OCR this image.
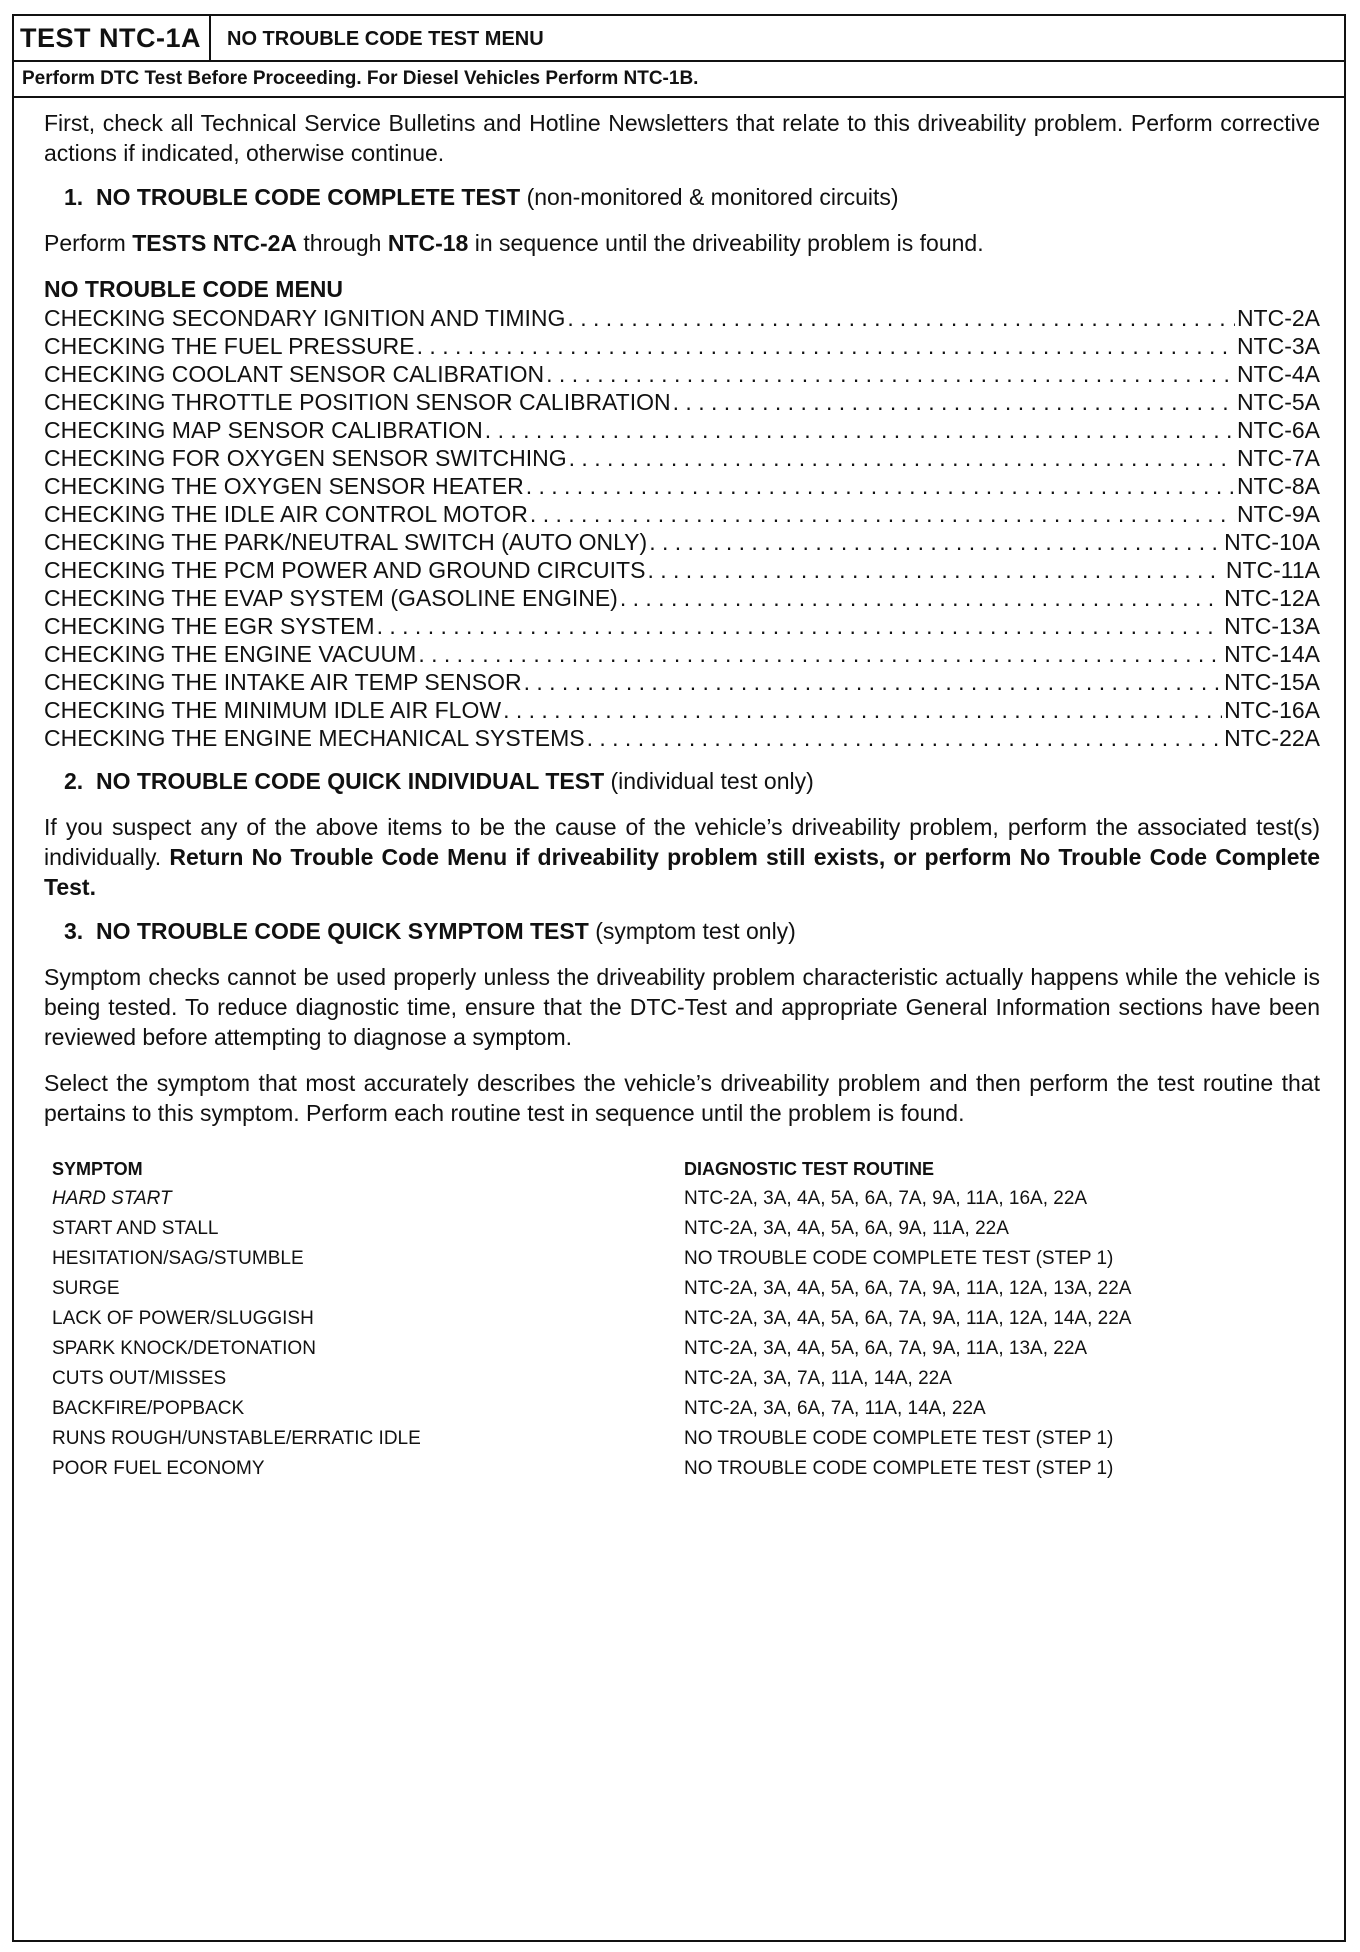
TEST NTC-1A	NO TROUBLE CODE TEST MENU
Perform DTC Test Before Proceeding. For Diesel Vehicles Perform NTC-1B.

First, check all Technical Service Bulletins and Hotline Newsletters that relate to this driveability problem. Perform corrective actions if indicated, otherwise continue.

1. NO TROUBLE CODE COMPLETE TEST (non-monitored & monitored circuits)

Perform TESTS NTC-2A through NTC-18 in sequence until the driveability problem is found.

NO TROUBLE CODE MENU
CHECKING SECONDARY IGNITION AND TIMING . . .	NTC-2A
CHECKING THE FUEL PRESSURE . . .	NTC-3A
CHECKING COOLANT SENSOR CALIBRATION . . .	NTC-4A
CHECKING THROTTLE POSITION SENSOR CALIBRATION . . .	NTC-5A
CHECKING MAP SENSOR CALIBRATION . . .	NTC-6A
CHECKING FOR OXYGEN SENSOR SWITCHING . . .	NTC-7A
CHECKING THE OXYGEN SENSOR HEATER . . .	NTC-8A
CHECKING THE IDLE AIR CONTROL MOTOR . . .	NTC-9A
CHECKING THE PARK/NEUTRAL SWITCH (AUTO ONLY) . . .	NTC-10A
CHECKING THE PCM POWER AND GROUND CIRCUITS . . .	NTC-11A
CHECKING THE EVAP SYSTEM (GASOLINE ENGINE) . . .	NTC-12A
CHECKING THE EGR SYSTEM . . .	NTC-13A
CHECKING THE ENGINE VACUUM . . .	NTC-14A
CHECKING THE INTAKE AIR TEMP SENSOR . . .	NTC-15A
CHECKING THE MINIMUM IDLE AIR FLOW . . .	NTC-16A
CHECKING THE ENGINE MECHANICAL SYSTEMS . . .	NTC-22A
2. NO TROUBLE CODE QUICK INDIVIDUAL TEST (individual test only)

If you suspect any of the above items to be the cause of the vehicle’s driveability problem, perform the associated test(s) individually. Return No Trouble Code Menu if driveability problem still exists, or perform No Trouble Code Complete Test.

3. NO TROUBLE CODE QUICK SYMPTOM TEST (symptom test only)

Symptom checks cannot be used properly unless the driveability problem characteristic actually happens while the vehicle is being tested. To reduce diagnostic time, ensure that the DTC-Test and appropriate General Information sections have been reviewed before attempting to diagnose a symptom.

Select the symptom that most accurately describes the vehicle’s driveability problem and then perform the test routine that pertains to this symptom. Perform each routine test in sequence until the problem is found.

SYMPTOM	DIAGNOSTIC TEST ROUTINE
HARD START	NTC-2A, 3A, 4A, 5A, 6A, 7A, 9A, 11A, 16A, 22A
START AND STALL	NTC-2A, 3A, 4A, 5A, 6A, 9A, 11A, 22A
HESITATION/SAG/STUMBLE	NO TROUBLE CODE COMPLETE TEST (STEP 1)
SURGE	NTC-2A, 3A, 4A, 5A, 6A, 7A, 9A, 11A, 12A, 13A, 22A
LACK OF POWER/SLUGGISH	NTC-2A, 3A, 4A, 5A, 6A, 7A, 9A, 11A, 12A, 14A, 22A
SPARK KNOCK/DETONATION	NTC-2A, 3A, 4A, 5A, 6A, 7A, 9A, 11A, 13A, 22A
CUTS OUT/MISSES	NTC-2A, 3A, 7A, 11A, 14A, 22A
BACKFIRE/POPBACK	NTC-2A, 3A, 6A, 7A, 11A, 14A, 22A
RUNS ROUGH/UNSTABLE/ERRATIC IDLE	NO TROUBLE CODE COMPLETE TEST (STEP 1)
POOR FUEL ECONOMY	NO TROUBLE CODE COMPLETE TEST (STEP 1)
